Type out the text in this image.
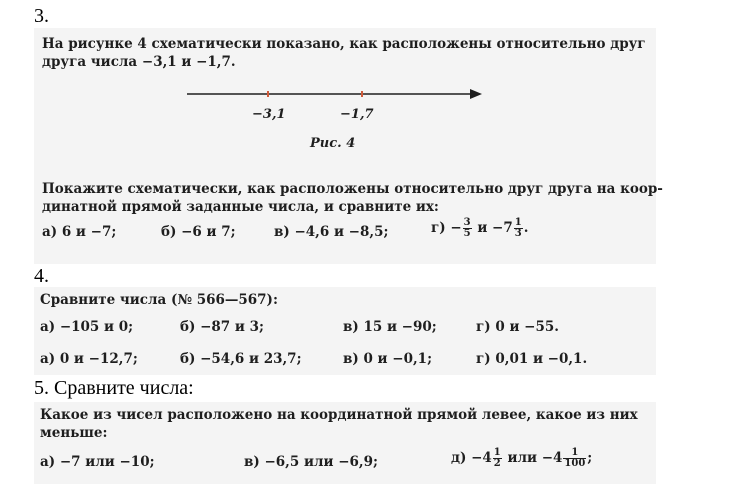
3.
На рисунке 4 схематически показано, как расположены относительно друг
друга числа −3,1 и −1,7.
−3,1	−1,7
Рис. 4
Покажите схематически, как расположены относительно друг друга на коор-
динатной прямой заданные числа, и сравните их:
а) 6 и −7;	б) −6 и 7;	в) −4,6 и −8,5;	$г) - \frac{3}{5}$ $и -7 \frac{1}{3}$ .
4.
Сравните числа (№ 566—567):
а) −105 и 0;	б) −87 и 3;	в) 15 и −90;	г) 0 и −55.
а) 0 и −12,7;	б) −54,6 и 23,7;	в) 0 и −0,1;	г) 0,01 и −0,1.
5. Сравните числа:
Какое из чисел расположено на координатной прямой левее, какое из них
меньше:
а) −7 или −10;	в) −6,5 или −6,9;	$д) -4 \frac{1}{2}$ или $-4 \frac{1}{100}$ ;
